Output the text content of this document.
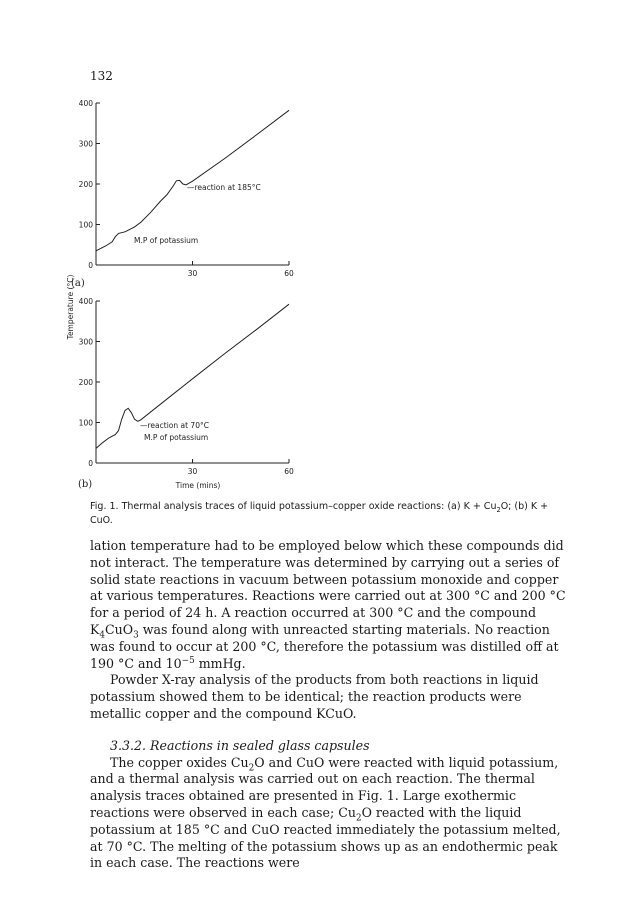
132
0
100
200
300
400
30	60
M.P of potassium
—reaction at 185°C
(a)
0
100
200
300
400
30	60
—reaction at 70°C
M.P of potassium
(b)	Time (mins)
Temperature (°C)
Fig. 1. Thermal analysis traces of liquid potassium–copper oxide reactions: (a) $K + Cu_2O$; (b) K + CuO.

lation temperature had to be employed below which these compounds did not interact. The temperature was determined by carrying out a series of solid state reactions in vacuum between potassium monoxide and copper at various temperatures. Reactions were carried out at 300 °C and 200 °C for a period of 24 h. A reaction occurred at 300 °C and the compound $K_4CuO_3$ was found along with unreacted starting materials. No reaction was found to occur at 200 °C, therefore the potassium was distilled off at 190 °C and $10^{-5}$ mmHg.

Powder X-ray analysis of the products from both reactions in liquid potassium showed them to be identical; the reaction products were metallic copper and the compound KCuO.

3.3.2. Reactions in sealed glass capsules

The copper oxides $Cu_2O$ and CuO were reacted with liquid potassium, and a thermal analysis was carried out on each reaction. The thermal analysis traces obtained are presented in Fig. 1. Large exothermic reactions were observed in each case; $Cu_2O$ reacted with the liquid potassium at 185 °C and CuO reacted immediately the potassium melted, at 70 °C. The melting of the potassium shows up as an endothermic peak in each case. The reactions were
